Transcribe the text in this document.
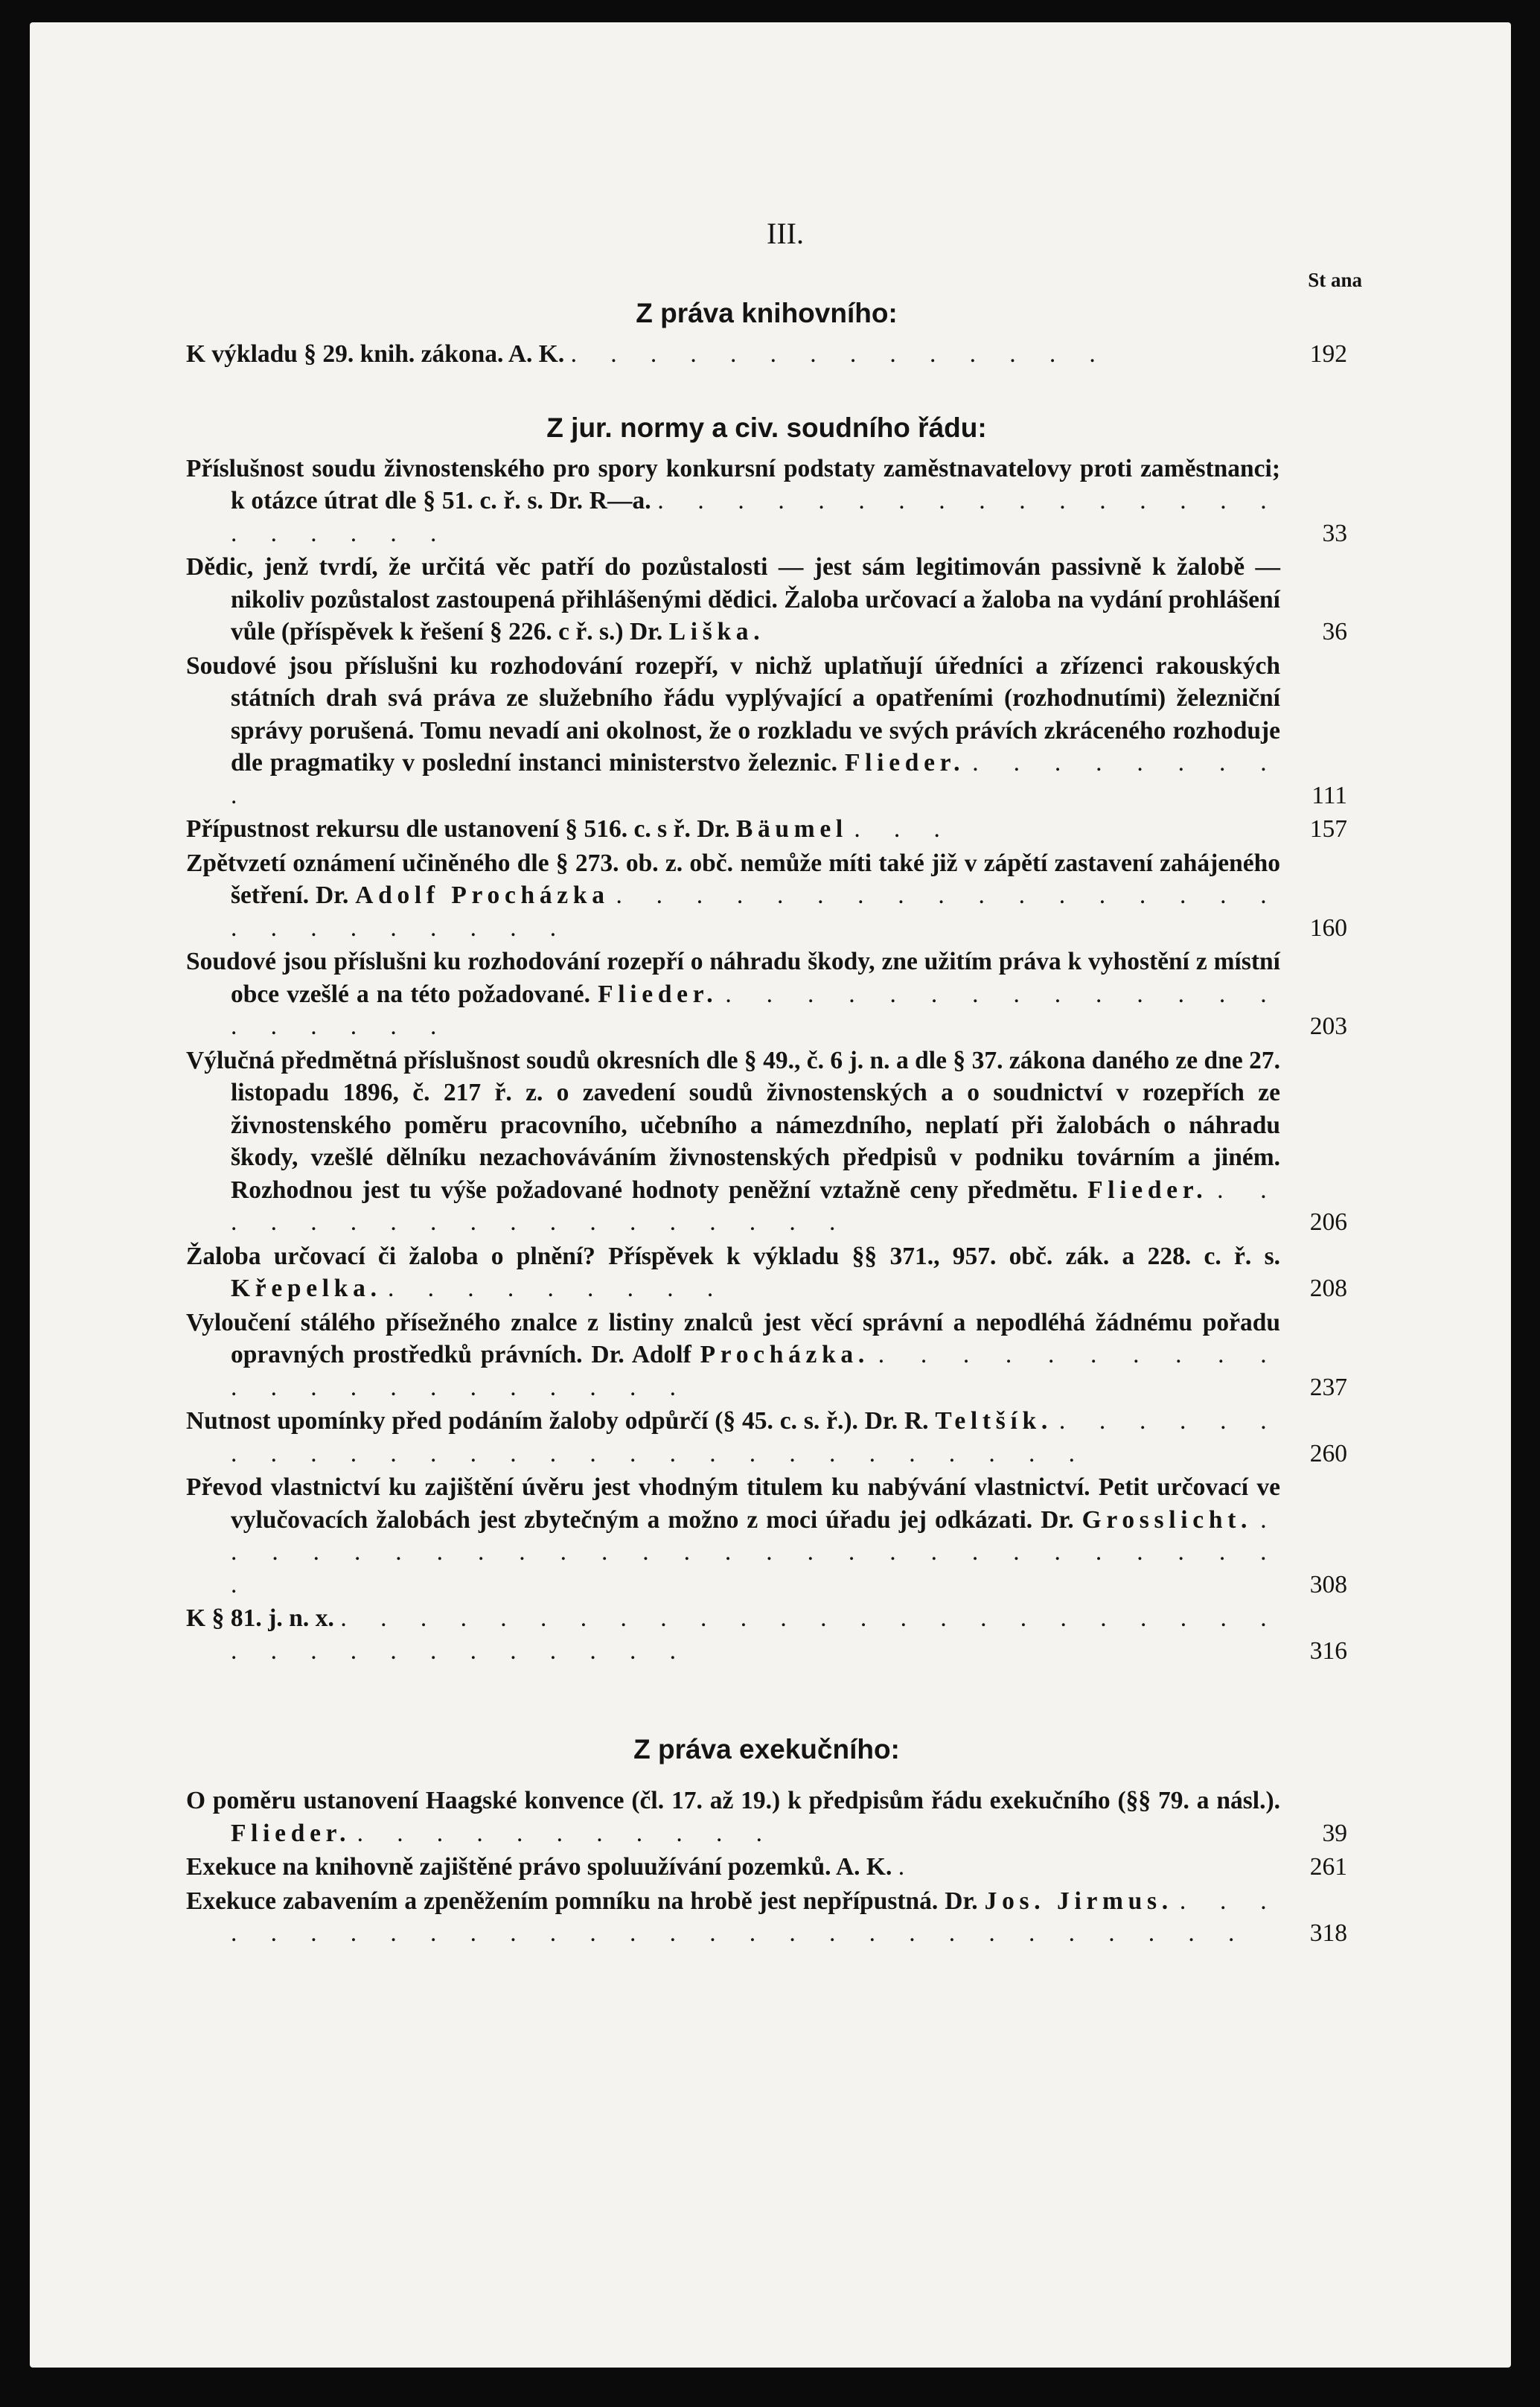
III.
St ana
Z práva knihovního:
K výkladu § 29. knih. zákona. A. K. . . . . . . . . . . . . . .	192
Z jur. normy a civ. soudního řádu:
Příslušnost soudu živnostenského pro spory konkursní podstaty zaměstnavatelovy proti zaměstnanci; k otázce útrat dle § 51. c. ř. s. Dr. R—a. . . . . . . . . . . . . . . . . . . . . . .	33
Dědic, jenž tvrdí, že určitá věc patří do pozůstalosti — jest sám legitimován passivně k žalobě — nikoliv pozůstalost zastoupená přihlášenými dědici. Žaloba určovací a žaloba na vydání prohlášení vůle (příspěvek k řešení § 226. c ř. s.) Dr. Liška.	36
Soudové jsou příslušni ku rozhodování rozepří, v nichž uplatňují úředníci a zřízenci rakouských státních drah svá práva ze služebního řádu vyplývající a opatřeními (rozhodnutími) železniční správy porušená. Tomu nevadí ani okolnost, že o rozkladu ve svých právích zkráceného rozhoduje dle pragmatiky v poslední instanci ministerstvo železnic. Flieder. . . . . . . . . .	111
Přípustnost rekursu dle ustanovení § 516. c. s ř. Dr. Bäumel . . .	157
Zpětvzetí oznámení učiněného dle § 273. ob. z. obč. nemůže míti také již v zápětí zastavení zahájeného šetření. Dr. Adolf Procházka . . . . . . . . . . . . . . . . . . . . . . . . . .	160
Soudové jsou příslušni ku rozhodování rozepří o náhradu škody, zne užitím práva k vyhostění z místní obce vzešlé a na této požadované. Flieder. . . . . . . . . . . . . . . . . . . . .	203
Výlučná předmětná příslušnost soudů okresních dle § 49., č. 6 j. n. a dle § 37. zákona daného ze dne 27. listopadu 1896, č. 217 ř. z. o zavedení soudů živnostenských a o soudnictví v rozepřích ze živnostenského poměru pracovního, učebního a námezdního, neplatí při žalobách o náhradu škody, vzešlé dělníku nezachováváním živnostenských předpisů v podniku továrním a jiném. Rozhodnou jest tu výše požadované hodnoty peněžní vztažně ceny předmětu. Flieder. . . . . . . . . . . . . . . . . . .	206
Žaloba určovací či žaloba o plnění? Příspěvek k výkladu §§ 371., 957. obč. zák. a 228. c. ř. s. Křepelka. . . . . . . . . .	208
Vyloučení stálého přísežného znalce z listiny znalců jest věcí správní a nepodléhá žádnému pořadu opravných prostředků právních. Dr. Adolf Procházka. . . . . . . . . . . . . . . . . . . . . . .	237
Nutnost upomínky před podáním žaloby odpůrčí (§ 45. c. s. ř.). Dr. R. Teltšík. . . . . . . . . . . . . . . . . . . . . . . . . . . . .	260
Převod vlastnictví ku zajištění úvěru jest vhodným titulem ku nabývání vlastnictví. Petit určovací ve vylučovacích žalobách jest zbytečným a možno z moci úřadu jej odkázati. Dr. Grosslicht. . . . . . . . . . . . . . . . . . . . . . . . . . . . .	308
K § 81. j. n. x. . . . . . . . . . . . . . . . . . . . . . . . . . . . . . . . . . . . .	316
Z práva exekučního:
O poměru ustanovení Haagské konvence (čl. 17. až 19.) k předpisům řádu exekučního (§§ 79. a násl.). Flieder. . . . . . . . . . . .	39
Exekuce na knihovně zajištěné právo spoluužívání pozemků. A. K. .	261
Exekuce zabavením a zpeněžením pomníku na hrobě jest nepřípustná. Dr. Jos. Jirmus. . . . . . . . . . . . . . . . . . . . . . . . . . . . . .	318
